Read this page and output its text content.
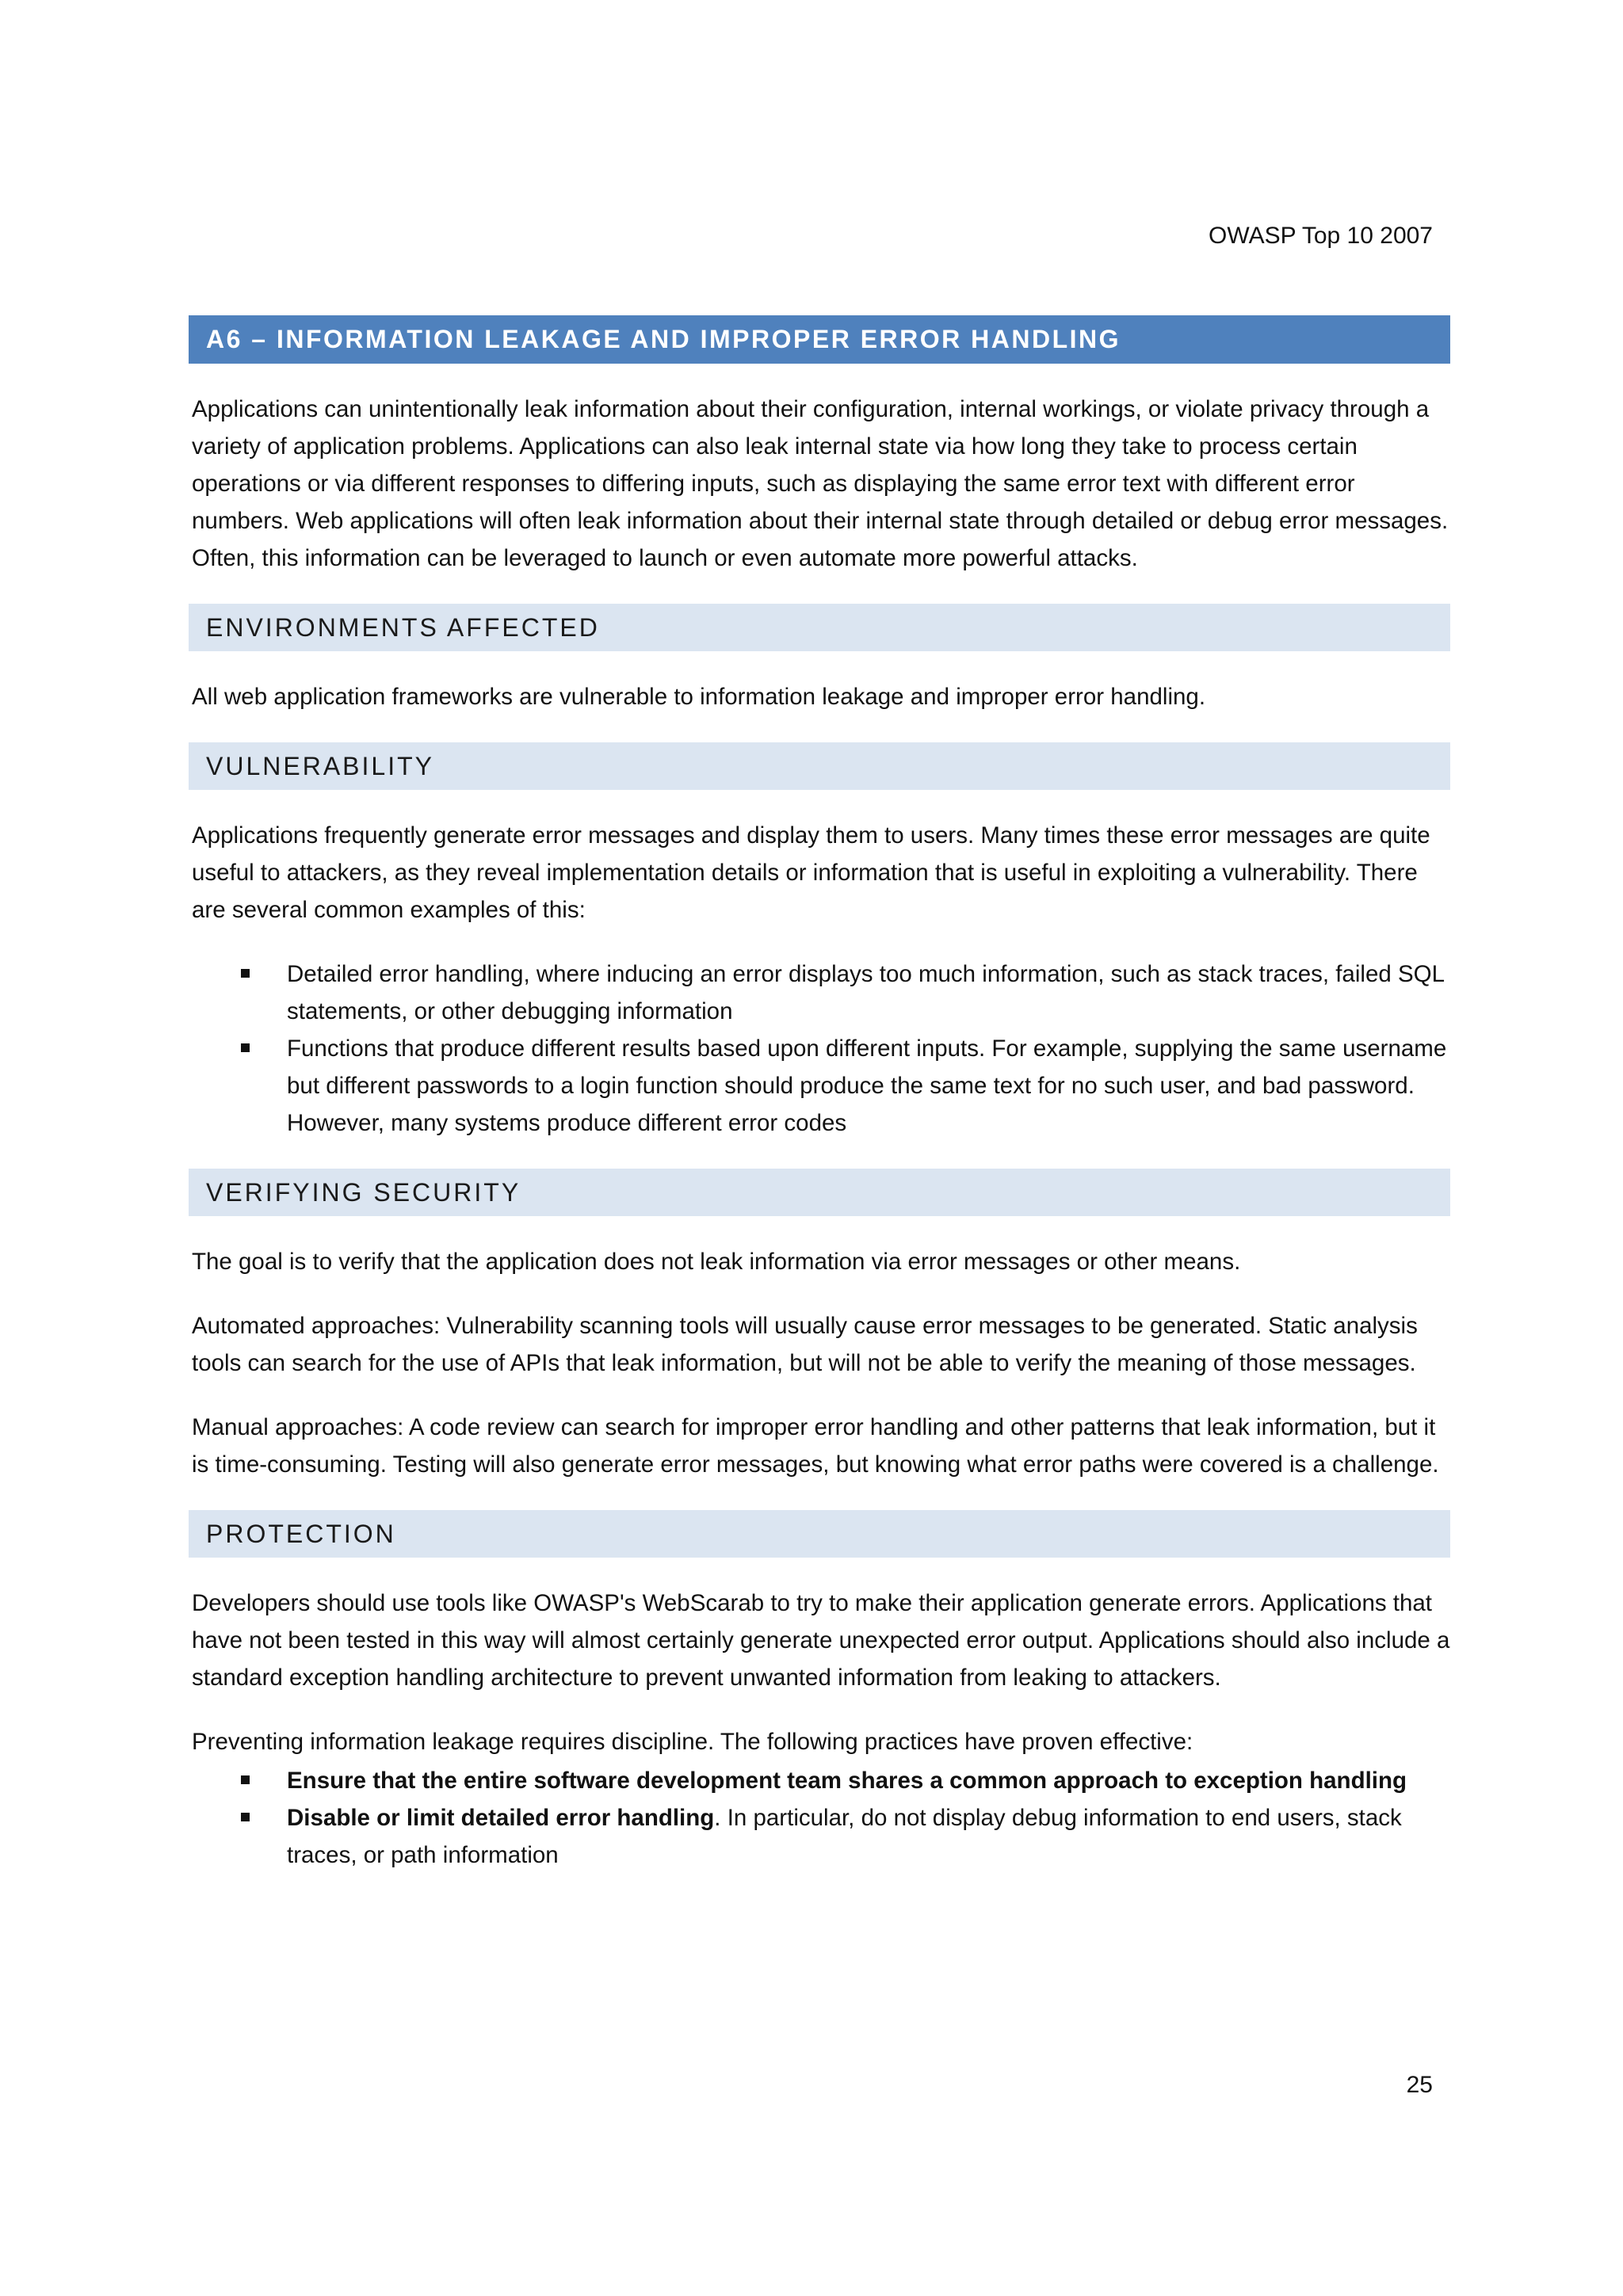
OWASP Top 10 2007
A6 – INFORMATION LEAKAGE AND IMPROPER ERROR HANDLING

Applications can unintentionally leak information about their configuration, internal workings, or violate privacy through a variety of application problems. Applications can also leak internal state via how long they take to process certain operations or via different responses to differing inputs, such as displaying the same error text with different error numbers. Web applications will often leak information about their internal state through detailed or debug error messages. Often, this information can be leveraged to launch or even automate more powerful attacks.

ENVIRONMENTS AFFECTED

All web application frameworks are vulnerable to information leakage and improper error handling.

VULNERABILITY

Applications frequently generate error messages and display them to users. Many times these error messages are quite useful to attackers, as they reveal implementation details or information that is useful in exploiting a vulnerability. There are several common examples of this:

Detailed error handling, where inducing an error displays too much information, such as stack traces, failed SQL statements, or other debugging information
Functions that produce different results based upon different inputs. For example, supplying the same username but different passwords to a login function should produce the same text for no such user, and bad password. However, many systems produce different error codes
VERIFYING SECURITY

The goal is to verify that the application does not leak information via error messages or other means.

Automated approaches: Vulnerability scanning tools will usually cause error messages to be generated. Static analysis tools can search for the use of APIs that leak information, but will not be able to verify the meaning of those messages.

Manual approaches: A code review can search for improper error handling and other patterns that leak information, but it is time-consuming. Testing will also generate error messages, but knowing what error paths were covered is a challenge.

PROTECTION

Developers should use tools like OWASP's WebScarab to try to make their application generate errors. Applications that have not been tested in this way will almost certainly generate unexpected error output. Applications should also include a standard exception handling architecture to prevent unwanted information from leaking to attackers.

Preventing information leakage requires discipline. The following practices have proven effective:

Ensure that the entire software development team shares a common approach to exception handling
Disable or limit detailed error handling. In particular, do not display debug information to end users, stack traces, or path information
25
